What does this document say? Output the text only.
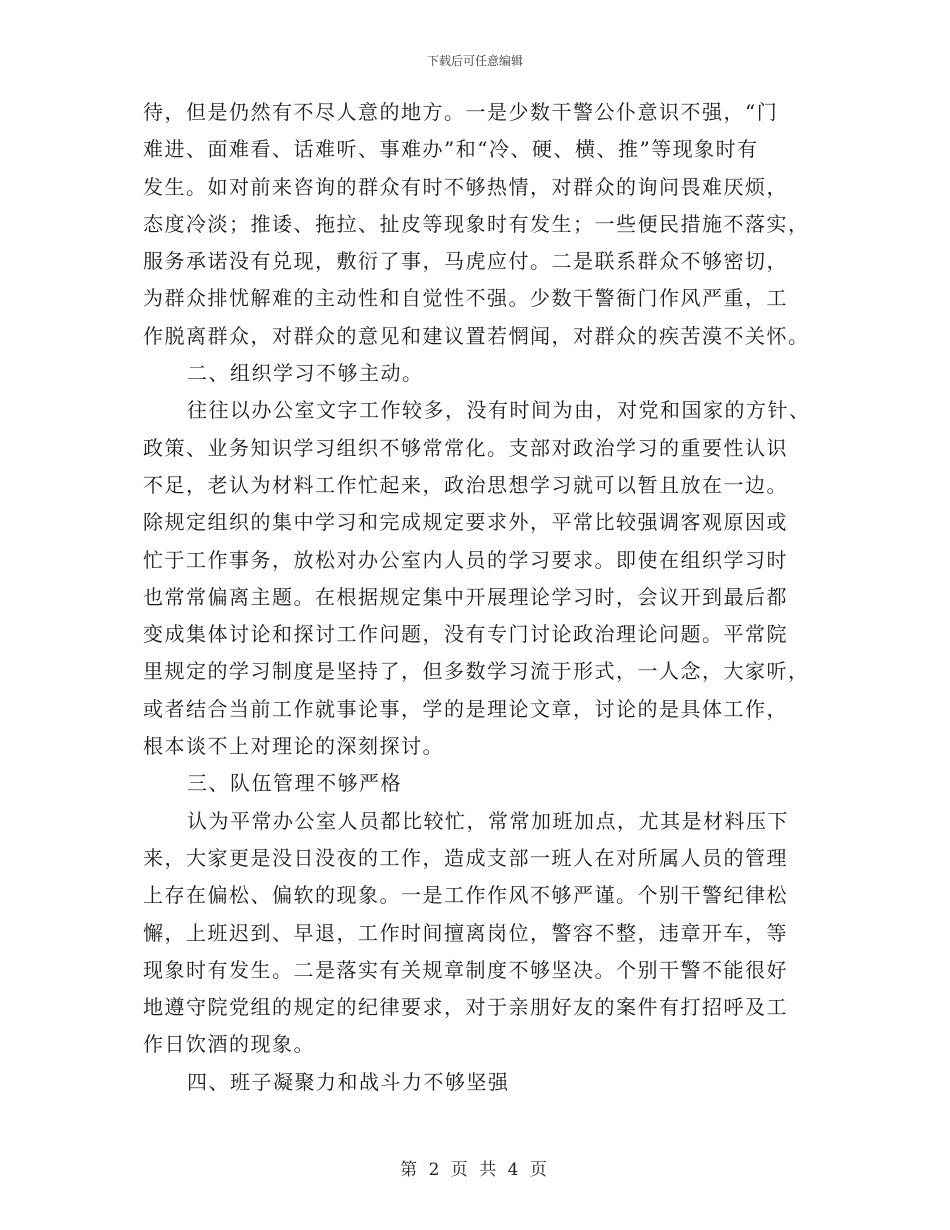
下载后可任意编辑
待，但是仍然有不尽人意的地方。一是少数干警公仆意识不强，“门
难进、面难看、话难听、事难办”和“冷、硬、横、推”等现象时有
发生。如对前来咨询的群众有时不够热情，对群众的询问畏难厌烦，
态度冷淡；推诿、拖拉、扯皮等现象时有发生；一些便民措施不落实，
服务承诺没有兑现，敷衍了事，马虎应付。二是联系群众不够密切，
为群众排忧解难的主动性和自觉性不强。少数干警衙门作风严重，工
作脱离群众，对群众的意见和建议置若惘闻，对群众的疾苦漠不关怀。
二、组织学习不够主动。
往往以办公室文字工作较多，没有时间为由，对党和国家的方针、
政策、业务知识学习组织不够常常化。支部对政治学习的重要性认识
不足，老认为材料工作忙起来，政治思想学习就可以暂且放在一边。
除规定组织的集中学习和完成规定要求外，平常比较强调客观原因或
忙于工作事务，放松对办公室内人员的学习要求。即使在组织学习时
也常常偏离主题。在根据规定集中开展理论学习时，会议开到最后都
变成集体讨论和探讨工作问题，没有专门讨论政治理论问题。平常院
里规定的学习制度是坚持了，但多数学习流于形式，一人念，大家听，
或者结合当前工作就事论事，学的是理论文章，讨论的是具体工作，
根本谈不上对理论的深刻探讨。
三、队伍管理不够严格
认为平常办公室人员都比较忙，常常加班加点，尤其是材料压下
来，大家更是没日没夜的工作，造成支部一班人在对所属人员的管理
上存在偏松、偏软的现象。一是工作作风不够严谨。个别干警纪律松
懈，上班迟到、早退，工作时间擅离岗位，警容不整，违章开车，等
现象时有发生。二是落实有关规章制度不够坚决。个别干警不能很好
地遵守院党组的规定的纪律要求，对于亲朋好友的案件有打招呼及工
作日饮酒的现象。
四、班子凝聚力和战斗力不够坚强
第 2 页 共 4 页
